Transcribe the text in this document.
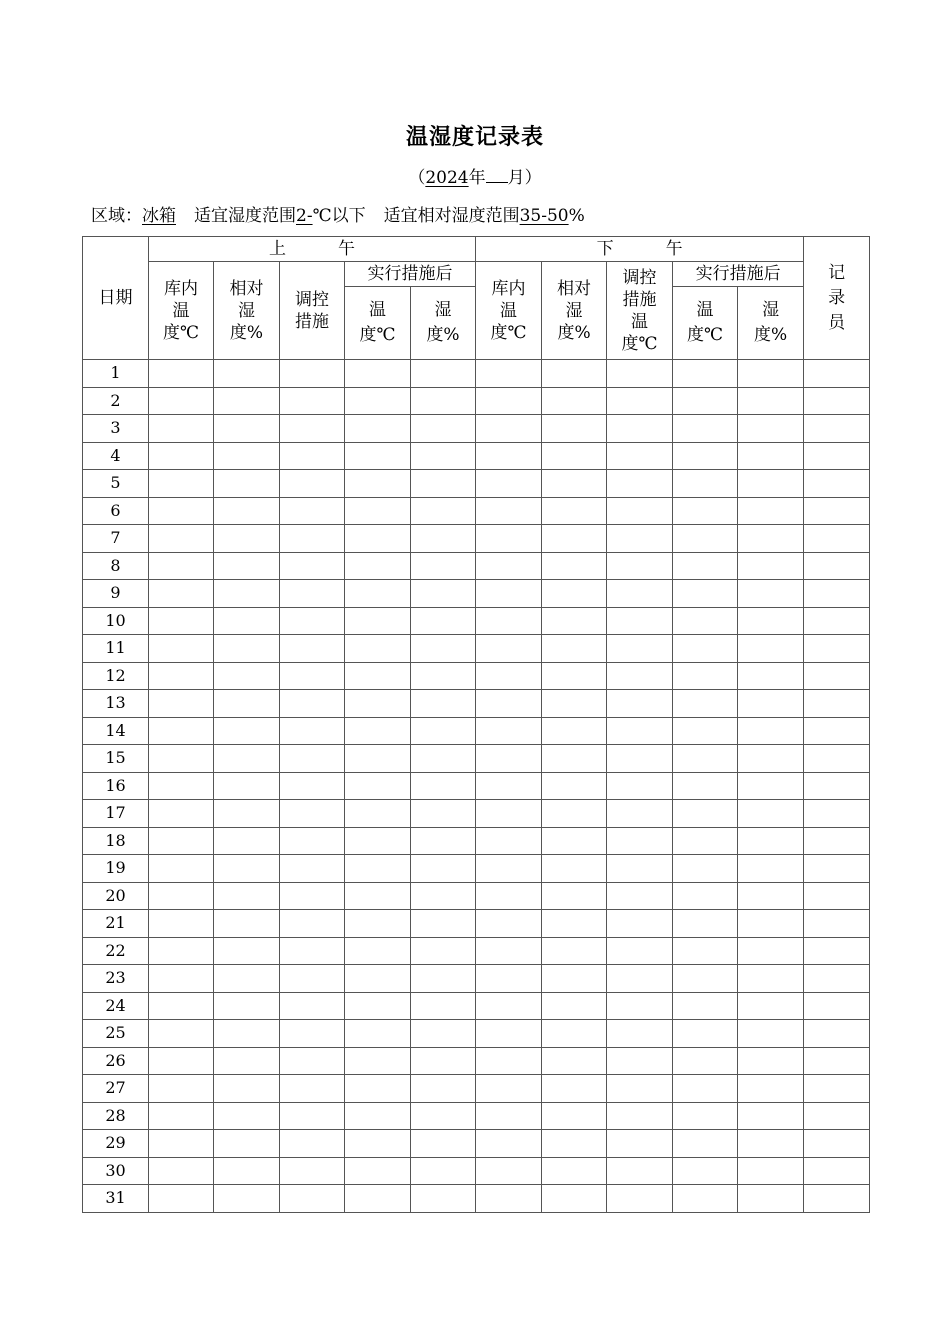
温湿度记录表
（2024年 月）
区域：冰箱 适宜湿度范围2-℃以下 适宜相对湿度范围35-50%
日期	上午					下午					记录员

	库内温度℃	相对湿度%	调控措施	实行措施后		库内温度℃	相对湿度%	调控措施温度℃	实行措施后		

				温度℃	湿度%				温度℃	湿度%	

1											
2											
3											
4											
5											
6											
7											
8											
9											
10											
11											
12											
13											
14											
15											
16											
17											
18											
19											
20											
21											
22											
23											
24											
25											
26											
27											
28											
29											
30											
31											
